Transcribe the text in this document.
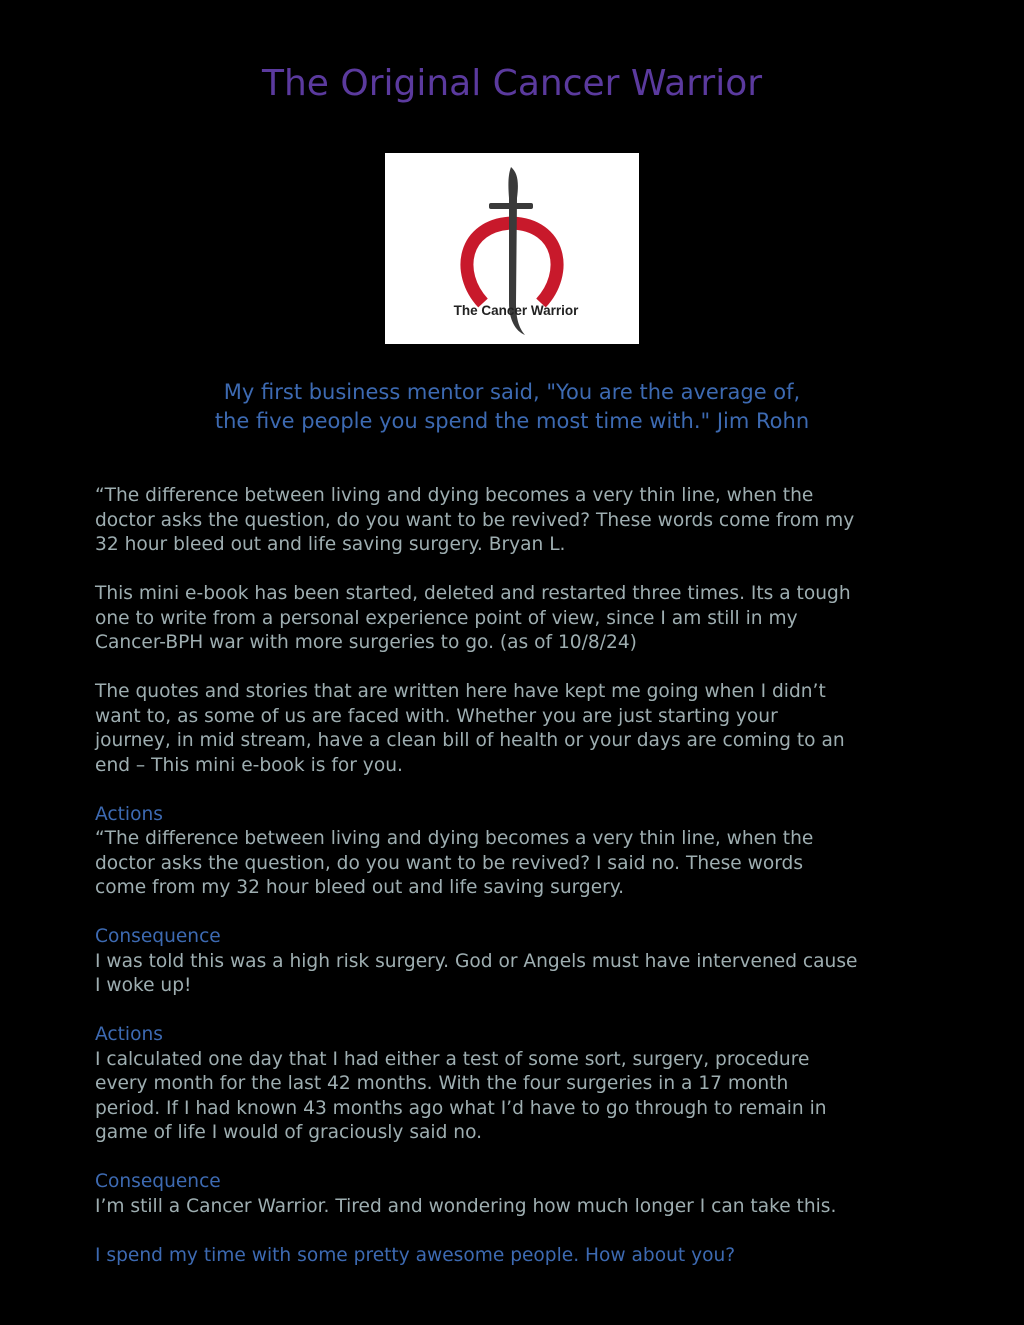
The Original Cancer Warrior
The Cancer Warrior
My first business mentor said, "You are the average of,
the five people you spend the most time with." Jim Rohn
“The difference between living and dying becomes a very thin line, when the
doctor asks the question, do you want to be revived? These words come from my
32 hour bleed out and life saving surgery. Bryan L.
This mini e-book has been started, deleted and restarted three times. Its a tough
one to write from a personal experience point of view, since I am still in my
Cancer-BPH war with more surgeries to go. (as of 10/8/24)
The quotes and stories that are written here have kept me going when I didn’t
want to, as some of us are faced with. Whether you are just starting your
journey, in mid stream, have a clean bill of health or your days are coming to an
end – This mini e-book is for you.
Actions
“The difference between living and dying becomes a very thin line, when the
doctor asks the question, do you want to be revived? I said no. These words
come from my 32 hour bleed out and life saving surgery.
Consequence
I was told this was a high risk surgery. God or Angels must have intervened cause
I woke up!
Actions
I calculated one day that I had either a test of some sort, surgery, procedure
every month for the last 42 months. With the four surgeries in a 17 month
period. If I had known 43 months ago what I’d have to go through to remain in
game of life I would of graciously said no.
Consequence
I’m still a Cancer Warrior. Tired and wondering how much longer I can take this.
I spend my time with some pretty awesome people. How about you?
